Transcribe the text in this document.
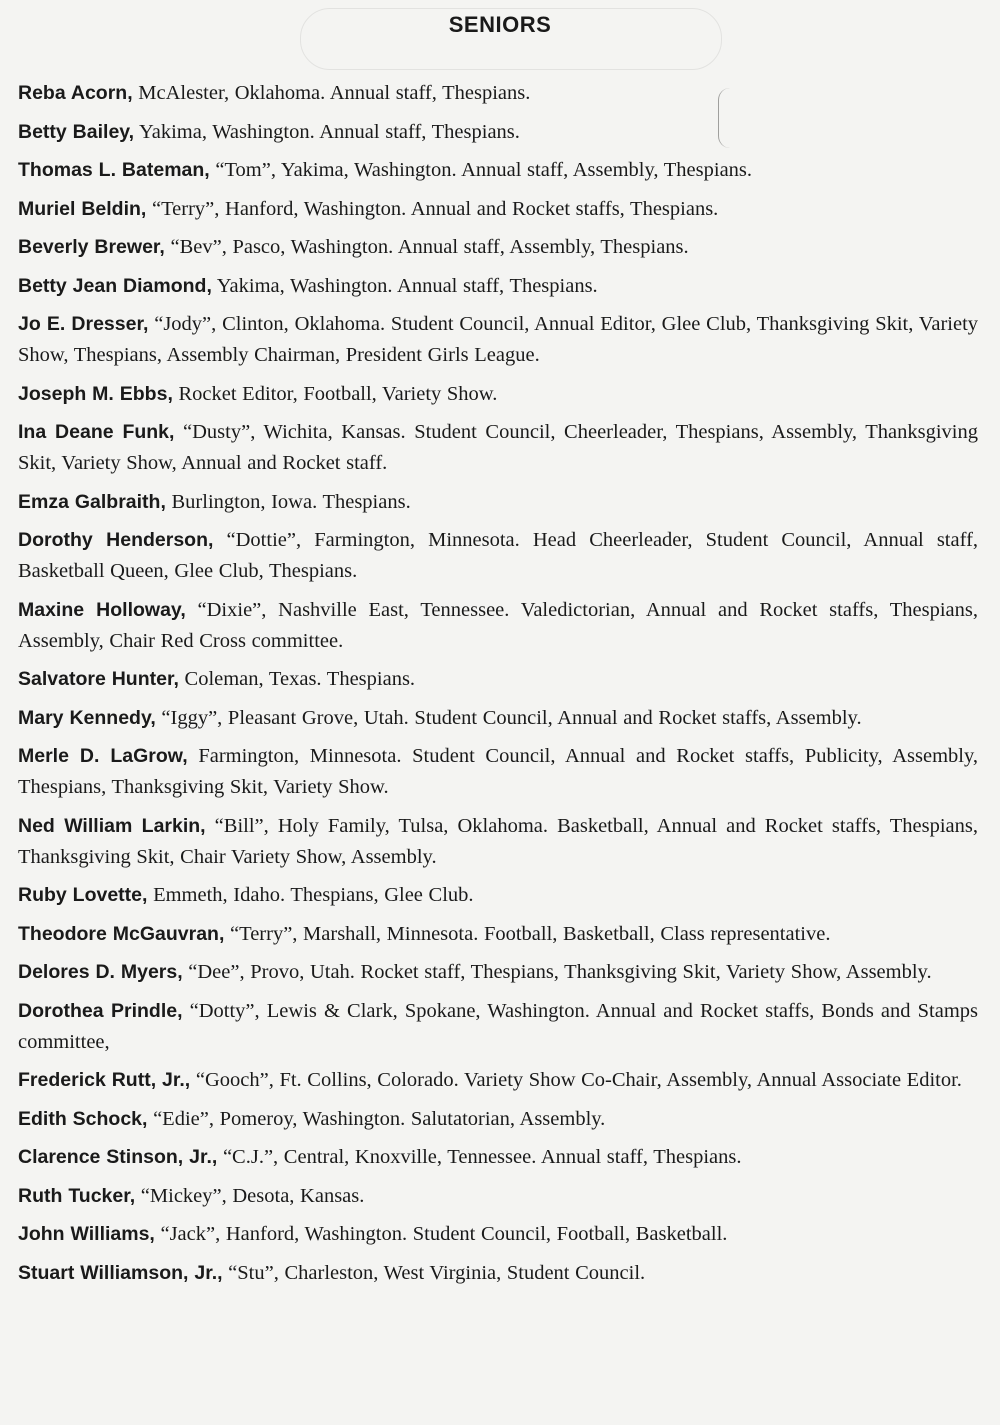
SENIORS
Reba Acorn, McAlester, Oklahoma. Annual staff, Thespians.
Betty Bailey, Yakima, Washington. Annual staff, Thespians.
Thomas L. Bateman, “Tom”, Yakima, Washington. Annual staff, Assembly, Thespians.
Muriel Beldin, “Terry”, Hanford, Washington. Annual and Rocket staffs, Thespians.
Beverly Brewer, “Bev”, Pasco, Washington. Annual staff, Assembly, Thespians.
Betty Jean Diamond, Yakima, Washington. Annual staff, Thespians.
Jo E. Dresser, “Jody”, Clinton, Oklahoma. Student Council, Annual Editor, Glee Club, Thanksgiving Skit, Variety Show, Thespians, Assembly Chairman, President Girls League.
Joseph M. Ebbs, Rocket Editor, Football, Variety Show.
Ina Deane Funk, “Dusty”, Wichita, Kansas. Student Council, Cheerleader, Thespians, Assembly, Thanksgiving Skit, Variety Show, Annual and Rocket staff.
Emza Galbraith, Burlington, Iowa. Thespians.
Dorothy Henderson, “Dottie”, Farmington, Minnesota. Head Cheerleader, Student Council, Annual staff, Basketball Queen, Glee Club, Thespians.
Maxine Holloway, “Dixie”, Nashville East, Tennessee. Valedictorian, Annual and Rocket staffs, Thespians, Assembly, Chair Red Cross committee.
Salvatore Hunter, Coleman, Texas. Thespians.
Mary Kennedy, “Iggy”, Pleasant Grove, Utah. Student Council, Annual and Rocket staffs, Assembly.
Merle D. LaGrow, Farmington, Minnesota. Student Council, Annual and Rocket staffs, Publicity, Assembly, Thespians, Thanksgiving Skit, Variety Show.
Ned William Larkin, “Bill”, Holy Family, Tulsa, Oklahoma. Basketball, Annual and Rocket staffs, Thespians, Thanksgiving Skit, Chair Variety Show, Assembly.
Ruby Lovette, Emmeth, Idaho. Thespians, Glee Club.
Theodore McGauvran, “Terry”, Marshall, Minnesota. Football, Basketball, Class representative.
Delores D. Myers, “Dee”, Provo, Utah. Rocket staff, Thespians, Thanksgiving Skit, Variety Show, Assembly.
Dorothea Prindle, “Dotty”, Lewis & Clark, Spokane, Washington. Annual and Rocket staffs, Bonds and Stamps committee,
Frederick Rutt, Jr., “Gooch”, Ft. Collins, Colorado. Variety Show Co-Chair, Assembly, Annual Associate Editor.
Edith Schock, “Edie”, Pomeroy, Washington. Salutatorian, Assembly.
Clarence Stinson, Jr., “C.J.”, Central, Knoxville, Tennessee. Annual staff, Thespians.
Ruth Tucker, “Mickey”, Desota, Kansas.
John Williams, “Jack”, Hanford, Washington. Student Council, Football, Basketball.
Stuart Williamson, Jr., “Stu”, Charleston, West Virginia, Student Council.
